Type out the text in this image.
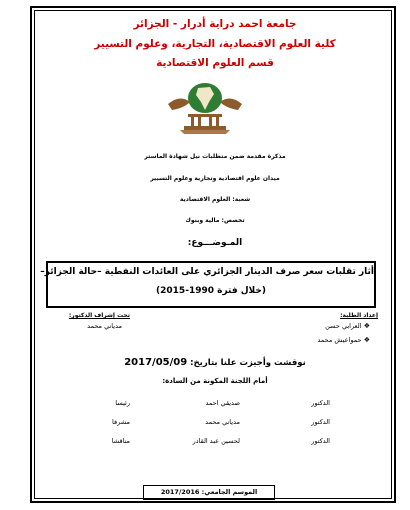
جامعة احمد دراية أدرار - الجزائر
كلية العلوم الاقتصادية، التجارية، وعلوم التسيير
قسم العلوم الاقتصادية
مذكرة مقدمة ضمن متطلبات نيل شهادة الماستر
ميدان علوم اقتصادية وتجارية وعلوم التسيير
شعبة: العلوم الاقتصادية
تخصص: مالية وبنوك
المـوضـــوع:
أثار تقلبات سعر صرف الدينار الجزائري على العائدات النفطية –حالة الجزائر–
(خلال فترة 1990-2015)
إعداد الطلبة:
تحت إشراف الدكتور:
❖ العرابي حسن
❖ حمواعيش محمد
مدياني محمد
نوقشت وأجيزت علنا بتاريخ: 2017/05/09
أمام اللجنة المكونة من السادة:
الدكتور
صديقي احمد
رئيسا
الدكتور
مدياني محمد
مشرفا
الدكتور
لحسين عبد القادر
مناقشا
الموسم الجامعي: 2017/2016
